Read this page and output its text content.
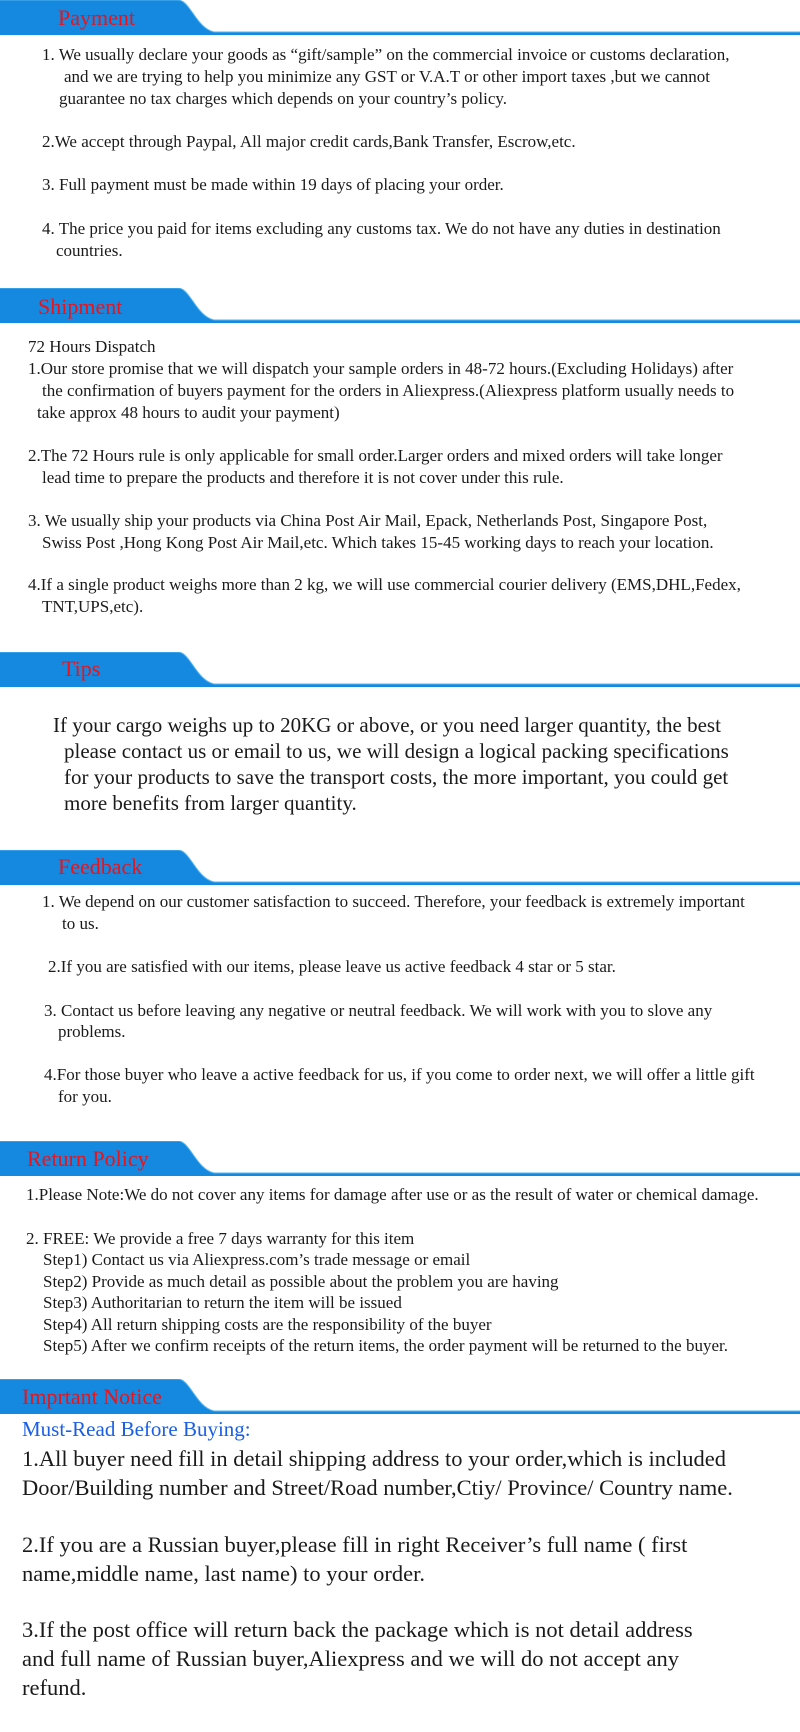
Payment
1. We usually declare your goods as “gift/sample” on the commercial invoice or customs declaration,
and we are trying to help you minimize any GST or V.A.T or other import taxes ,but we cannot
guarantee no tax charges which depends on your country’s policy.
2.We accept through Paypal, All major credit cards,Bank Transfer, Escrow,etc.
3. Full payment must be made within 19 days of placing your order.
4. The price you paid for items excluding any customs tax. We do not have any duties in destination
countries.
Shipment
72 Hours Dispatch
1.Our store promise that we will dispatch your sample orders in 48-72 hours.(Excluding Holidays) after
the confirmation of buyers payment for the orders in Aliexpress.(Aliexpress platform usually needs to
take approx 48 hours to audit your payment)
2.The 72 Hours rule is only applicable for small order.Larger orders and mixed orders will take longer
lead time to prepare the products and therefore it is not cover under this rule.
3. We usually ship your products via China Post Air Mail, Epack, Netherlands Post, Singapore Post,
Swiss Post ,Hong Kong Post Air Mail,etc. Which takes 15-45 working days to reach your location.
4.If a single product weighs more than 2 kg, we will use commercial courier delivery (EMS,DHL,Fedex,
TNT,UPS,etc).
Tips
If your cargo weighs up to 20KG or above, or you need larger quantity, the best
please contact us or email to us, we will design a logical packing specifications
for your products to save the transport costs, the more important, you could get
more benefits from larger quantity.
Feedback
1. We depend on our customer satisfaction to succeed. Therefore, your feedback is extremely important
to us.
2.If you are satisfied with our items, please leave us active feedback 4 star or 5 star.
3. Contact us before leaving any negative or neutral feedback. We will work with you to slove any
problems.
4.For those buyer who leave a active feedback for us, if you come to order next, we will offer a little gift
for you.
Return Policy
1.Please Note:We do not cover any items for damage after use or as the result of water or chemical damage.
2. FREE: We provide a free 7 days warranty for this item
Step1) Contact us via Aliexpress.com’s trade message or email
Step2) Provide as much detail as possible about the problem you are having
Step3) Authoritarian to return the item will be issued
Step4) All return shipping costs are the responsibility of the buyer
Step5) After we confirm receipts of the return items, the order payment will be returned to the buyer.
Imprtant Notice
Must-Read Before Buying:
1.All buyer need fill in detail shipping address to your order,which is included
Door/Building number and Street/Road number,Ctiy/ Province/ Country name.
2.If you are a Russian buyer,please fill in right Receiver’s full name ( first
name,middle name, last name) to your order.
3.If the post office will return back the package which is not detail address
and full name of Russian buyer,Aliexpress and we will do not accept any
refund.
